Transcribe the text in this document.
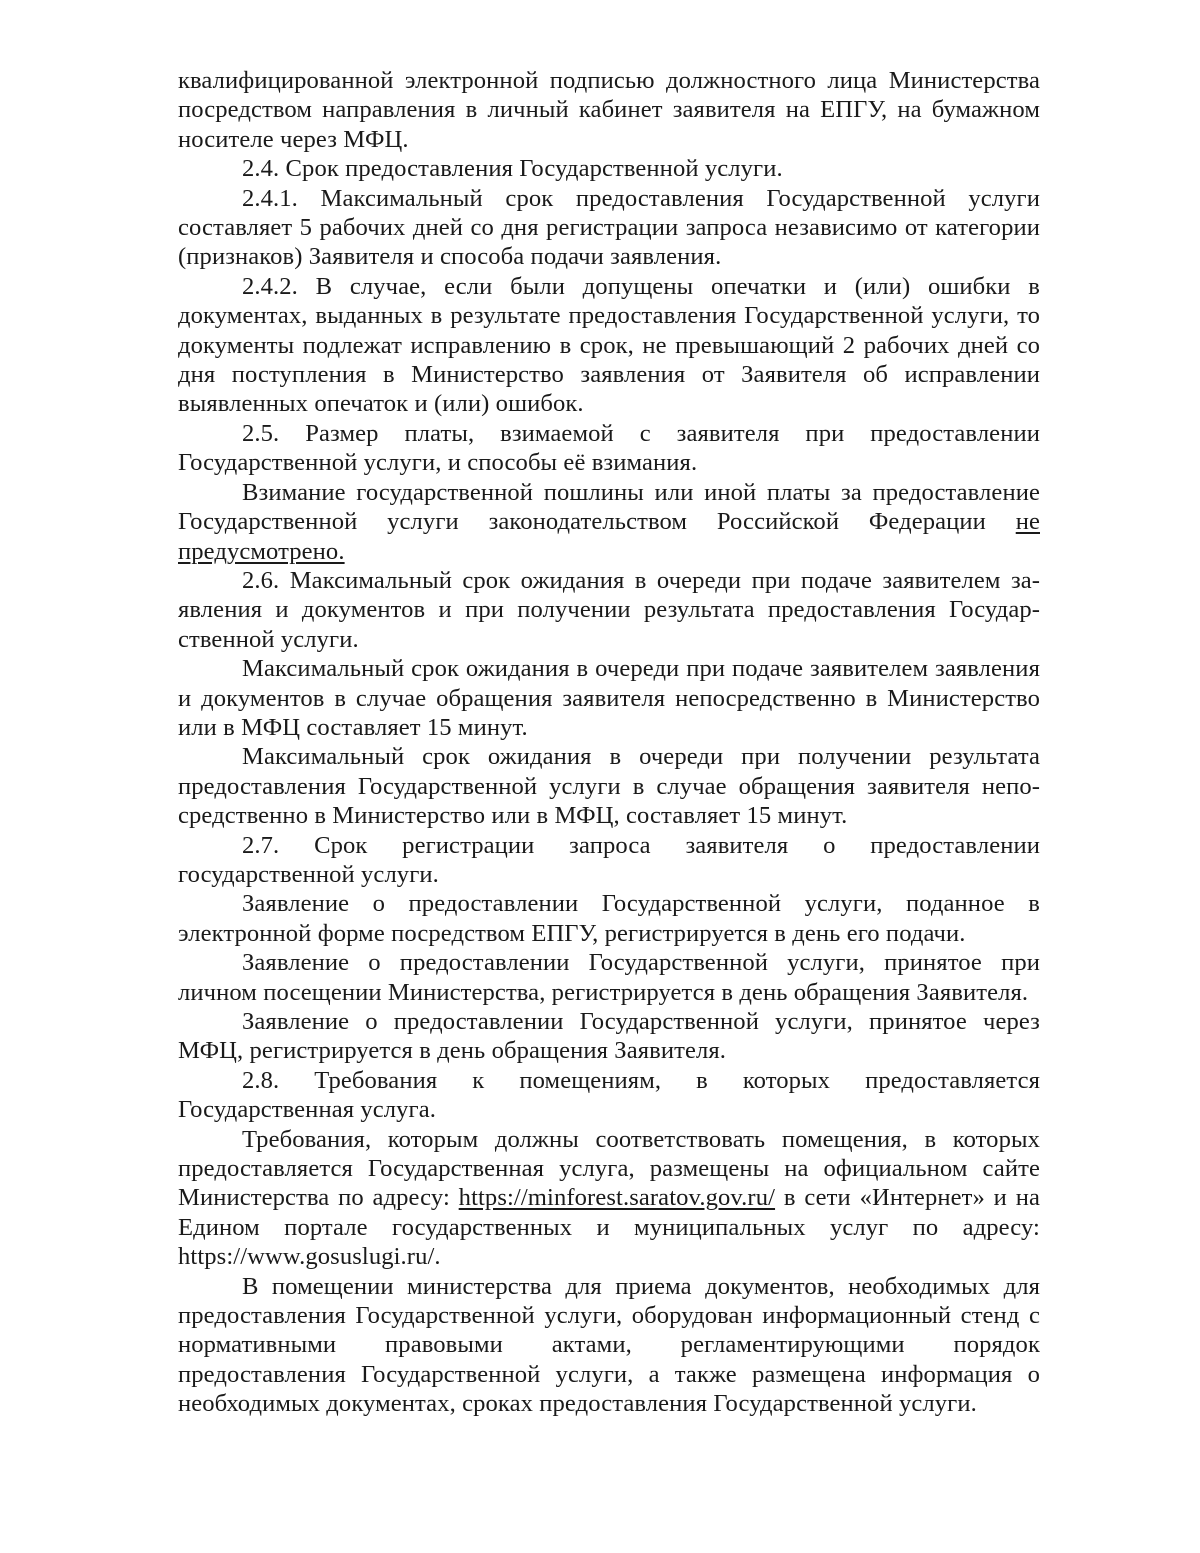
квалифицированной электронной подписью должностного лица Министерства посредством направления в личный кабинет заявителя на ЕПГУ, на бумажном носителе через МФЦ.

2.4. Срок предоставления Государственной услуги.

2.4.1. Максимальный срок предоставления Государственной услуги составляет 5 рабочих дней со дня регистрации запроса независимо от категории (признаков) Заявителя и способа подачи заявления.

2.4.2. В случае, если были допущены опечатки и (или) ошибки в документах, выданных в результате предоставления Государственной услуги, то документы подлежат исправлению в срок, не превышающий 2 рабочих дней со дня поступления в Министерство заявления от Заявителя об исправлении выявленных опечаток и (или) ошибок.

2.5. Размер платы, взимаемой с заявителя при предоставлении Государственной услуги, и способы её взимания.

Взимание государственной пошлины или иной платы за предоставление Государственной услуги законодательством Российской Федерации не предусмотрено.

2.6. Максимальный срок ожидания в очереди при подаче заявителем заявления и документов и при получении результата предоставления Государственной услуги.

Максимальный срок ожидания в очереди при подаче заявителем заявления и документов в случае обращения заявителя непосредственно в Министерство или в МФЦ составляет 15 минут.

Максимальный срок ожидания в очереди при получении результата предоставления Государственной услуги в случае обращения заявителя непосредственно в Министерство или в МФЦ, составляет 15 минут.

2.7. Срок регистрации запроса заявителя о предоставлении государственной услуги.

Заявление о предоставлении Государственной услуги, поданное в электронной форме посредством ЕПГУ, регистрируется в день его подачи.

Заявление о предоставлении Государственной услуги, принятое при личном посещении Министерства, регистрируется в день обращения Заявителя.

Заявление о предоставлении Государственной услуги, принятое через МФЦ, регистрируется в день обращения Заявителя.

2.8. Требования к помещениям, в которых предоставляется Государственная услуга.

Требования, которым должны соответствовать помещения, в которых предоставляется Государственная услуга, размещены на официальном сайте Министерства по адресу: https://minforest.saratov.gov.ru/ в сети «Интернет» и на Едином портале государственных и муниципальных услуг по адресу: https://www.gosuslugi.ru/.

В помещении министерства для приема документов, необходимых для предоставления Государственной услуги, оборудован информационный стенд с нормативными правовыми актами, регламентирующими порядок предоставления Государственной услуги, а также размещена информация о необходимых документах, сроках предоставления Государственной услуги.
